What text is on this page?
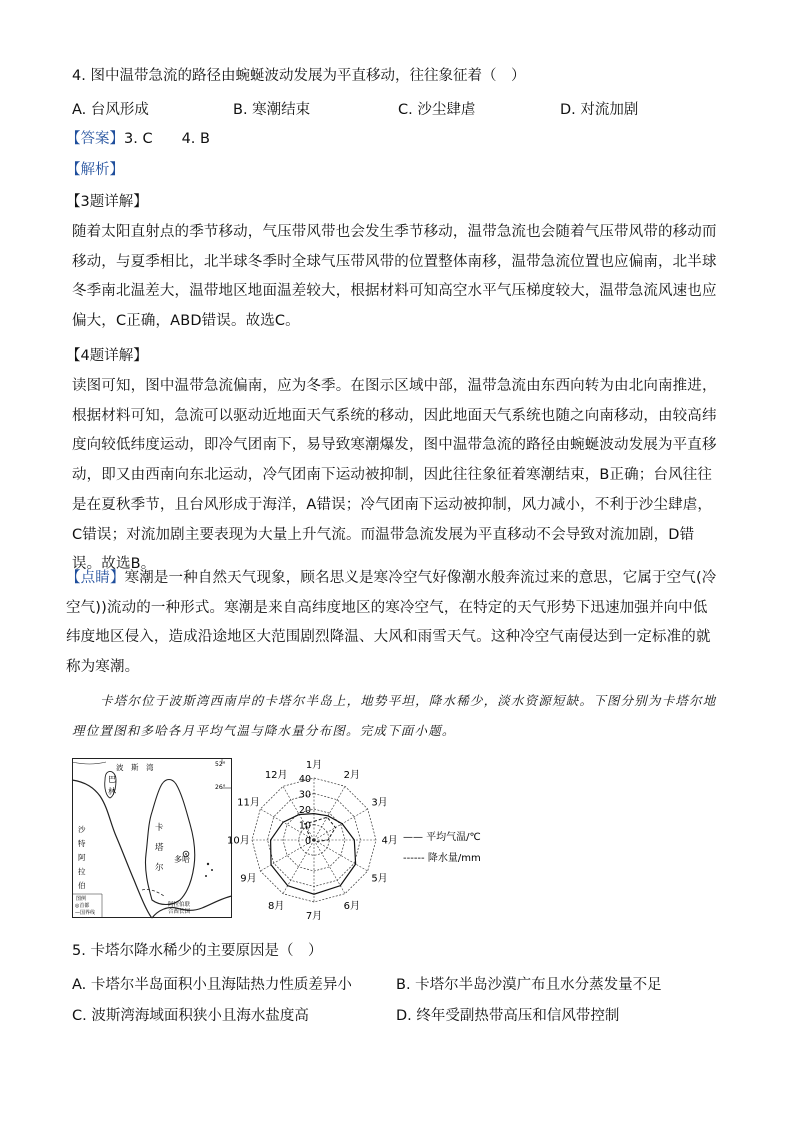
4. 图中温带急流的路径由蜿蜒波动发展为平直移动，往往象征着（　）
A. 台风形成	B. 寒潮结束	C. 沙尘肆虐	D. 对流加剧
【答案】3. C　　4. B
【解析】
【3题详解】
随着太阳直射点的季节移动，气压带风带也会发生季节移动，温带急流也会随着气压带风带的移动而移动，与夏季相比，北半球冬季时全球气压带风带的位置整体南移，温带急流位置也应偏南，北半球冬季南北温差大，温带地区地面温差较大，根据材料可知高空水平气压梯度较大，温带急流风速也应偏大，C正确，ABD错误。故选C。
【4题详解】
读图可知，图中温带急流偏南，应为冬季。在图示区域中部，温带急流由东西向转为由北向南推进，根据材料可知，急流可以驱动近地面天气系统的移动，因此地面天气系统也随之向南移动，由较高纬度向较低纬度运动，即冷气团南下，易导致寒潮爆发，图中温带急流的路径由蜿蜒波动发展为平直移动，即又由西南向东北运动，冷气团南下运动被抑制，因此往往象征着寒潮结束，B正确；台风往往是在夏秋季节，且台风形成于海洋，A错误；冷气团南下运动被抑制，风力减小，不利于沙尘肆虐，C错误；对流加剧主要表现为大量上升气流。而温带急流发展为平直移动不会导致对流加剧，D错误。故选B。
【点睛】寒潮是一种自然天气现象，顾名思义是寒冷空气好像潮水般奔流过来的意思，它属于空气(冷空气))流动的一种形式。寒潮是来自高纬度地区的寒冷空气，在特定的天气形势下迅速加强并向中低纬度地区侵入，造成沿途地区大范围剧烈降温、大风和雨雪天气。这种冷空气南侵达到一定标准的就称为寒潮。
卡塔尔位于波斯湾西南岸的卡塔尔半岛上，地势平坦，降水稀少，淡水资源短缺。下图分别为卡塔尔地理位置图和多哈各月平均气温与降水量分布图。完成下面小题。
52°
26°
波　斯　湾
巴
林
卡
塔
尔
多哈
沙
特
阿
拉
伯
阿拉伯联
合酋长国
图例
◎首都
—国界线
1月
2月
3月
4月
5月
6月
7月
8月
9月
10月
11月
12月
0
10
20
30
40
—— 平均气温/℃
------ 降水量/mm
5. 卡塔尔降水稀少的主要原因是（　）
A. 卡塔尔半岛面积小且海陆热力性质差异小	B. 卡塔尔半岛沙漠广布且水分蒸发量不足
C. 波斯湾海域面积狭小且海水盐度高	D. 终年受副热带高压和信风带控制
